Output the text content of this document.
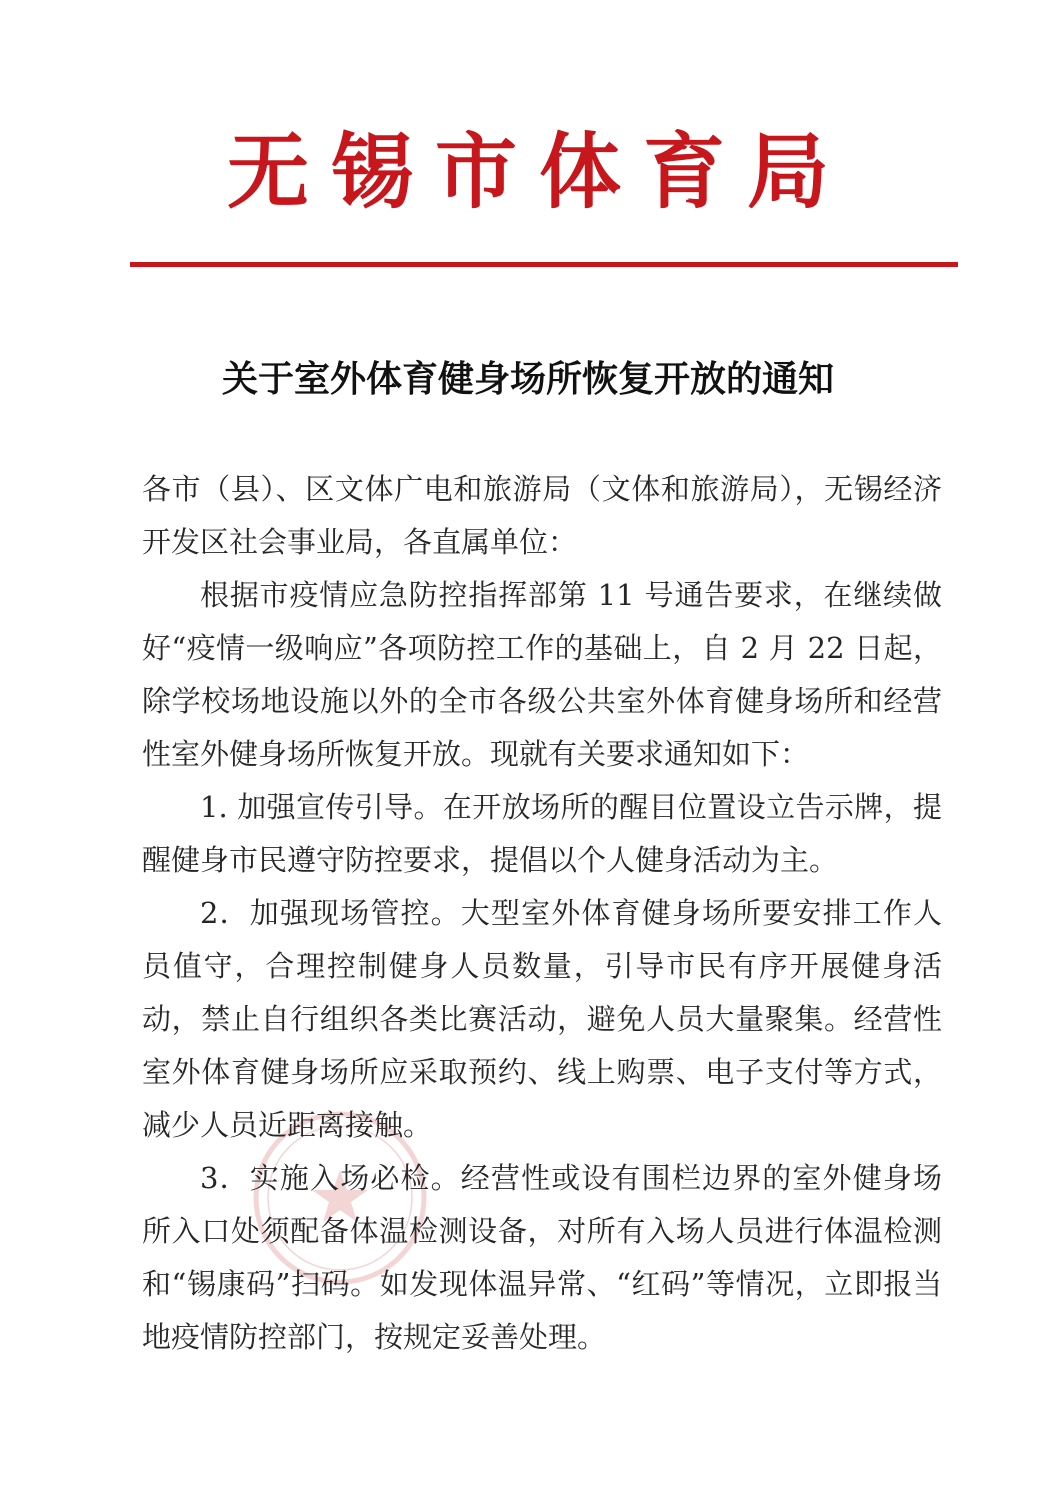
无锡市体育局
关于室外体育健身场所恢复开放的通知

各市（县）、区文体广电和旅游局（文体和旅游局），无锡经济开发区社会事业局，各直属单位：

根据市疫情应急防控指挥部第 11 号通告要求，在继续做好“疫情一级响应”各项防控工作的基础上，自 2 月 22 日起，除学校场地设施以外的全市各级公共室外体育健身场所和经营性室外健身场所恢复开放。现就有关要求通知如下：

1. 加强宣传引导。在开放场所的醒目位置设立告示牌，提醒健身市民遵守防控要求，提倡以个人健身活动为主。

2．加强现场管控。大型室外体育健身场所要安排工作人员值守，合理控制健身人员数量，引导市民有序开展健身活动，禁止自行组织各类比赛活动，避免人员大量聚集。经营性室外体育健身场所应采取预约、线上购票、电子支付等方式，减少人员近距离接触。

3．实施入场必检。经营性或设有围栏边界的室外健身场所入口处须配备体温检测设备，对所有入场人员进行体温检测和“锡康码”扫码。如发现体温异常、“红码”等情况，立即报当地疫情防控部门，按规定妥善处理。
